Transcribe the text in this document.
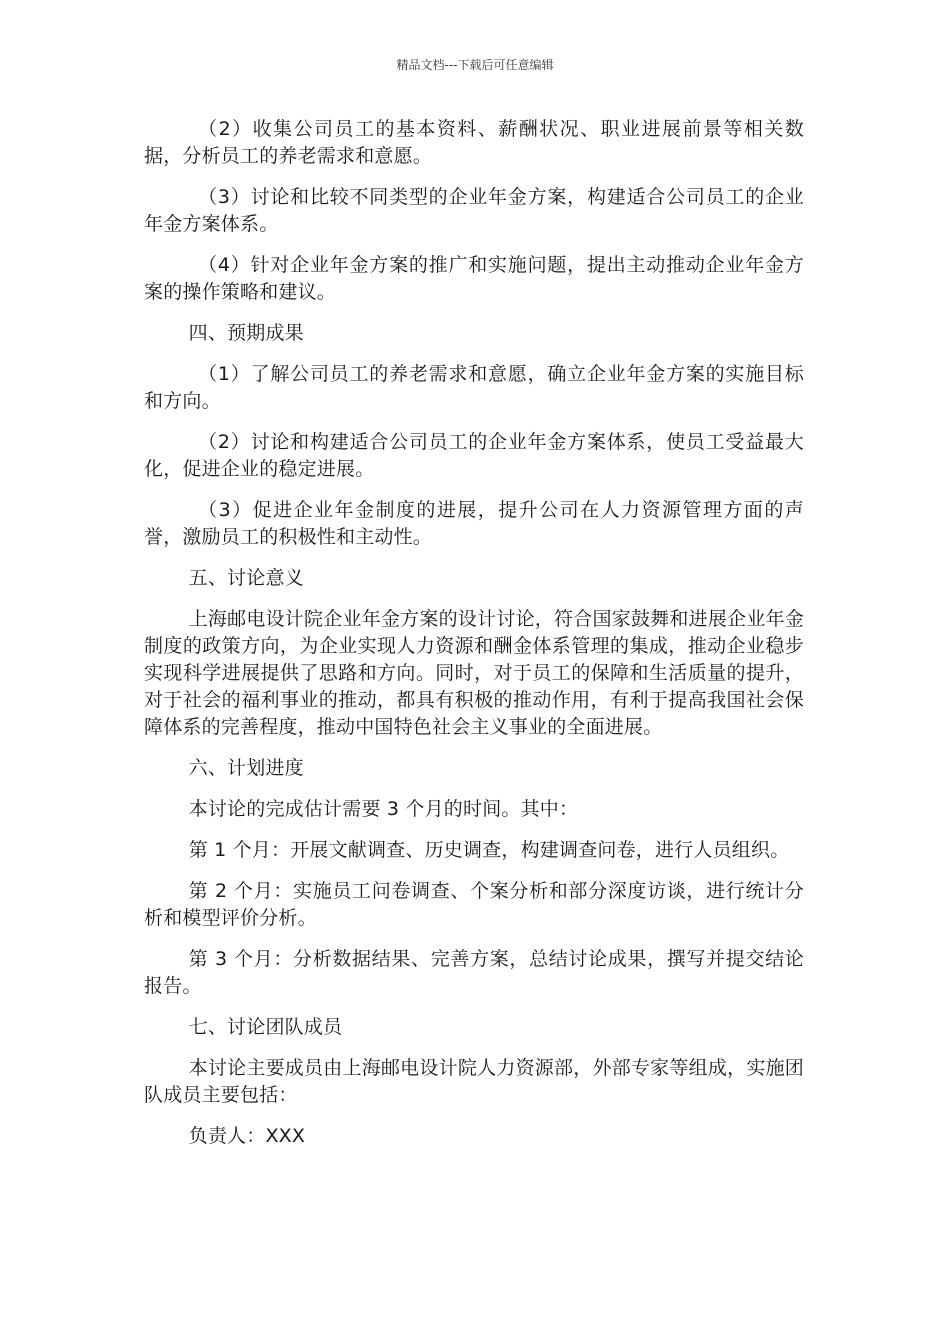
精品文档---下载后可任意编辑

（2）收集公司员工的基本资料、薪酬状况、职业进展前景等相关数据，分析员工的养老需求和意愿。

（3）讨论和比较不同类型的企业年金方案，构建适合公司员工的企业年金方案体系。

（4）针对企业年金方案的推广和实施问题，提出主动推动企业年金方案的操作策略和建议。

四、预期成果

（1）了解公司员工的养老需求和意愿，确立企业年金方案的实施目标和方向。

（2）讨论和构建适合公司员工的企业年金方案体系，使员工受益最大化，促进企业的稳定进展。

（3）促进企业年金制度的进展，提升公司在人力资源管理方面的声誉，激励员工的积极性和主动性。

五、讨论意义

上海邮电设计院企业年金方案的设计讨论，符合国家鼓舞和进展企业年金制度的政策方向，为企业实现人力资源和酬金体系管理的集成，推动企业稳步实现科学进展提供了思路和方向。同时，对于员工的保障和生活质量的提升，对于社会的福利事业的推动，都具有积极的推动作用，有利于提高我国社会保障体系的完善程度，推动中国特色社会主义事业的全面进展。

六、计划进度

本讨论的完成估计需要 3 个月的时间。其中：

第 1 个月：开展文献调查、历史调查，构建调查问卷，进行人员组织。

第 2 个月：实施员工问卷调查、个案分析和部分深度访谈，进行统计分析和模型评价分析。

第 3 个月：分析数据结果、完善方案，总结讨论成果，撰写并提交结论报告。

七、讨论团队成员

本讨论主要成员由上海邮电设计院人力资源部，外部专家等组成，实施团队成员主要包括：

负责人：XXX
